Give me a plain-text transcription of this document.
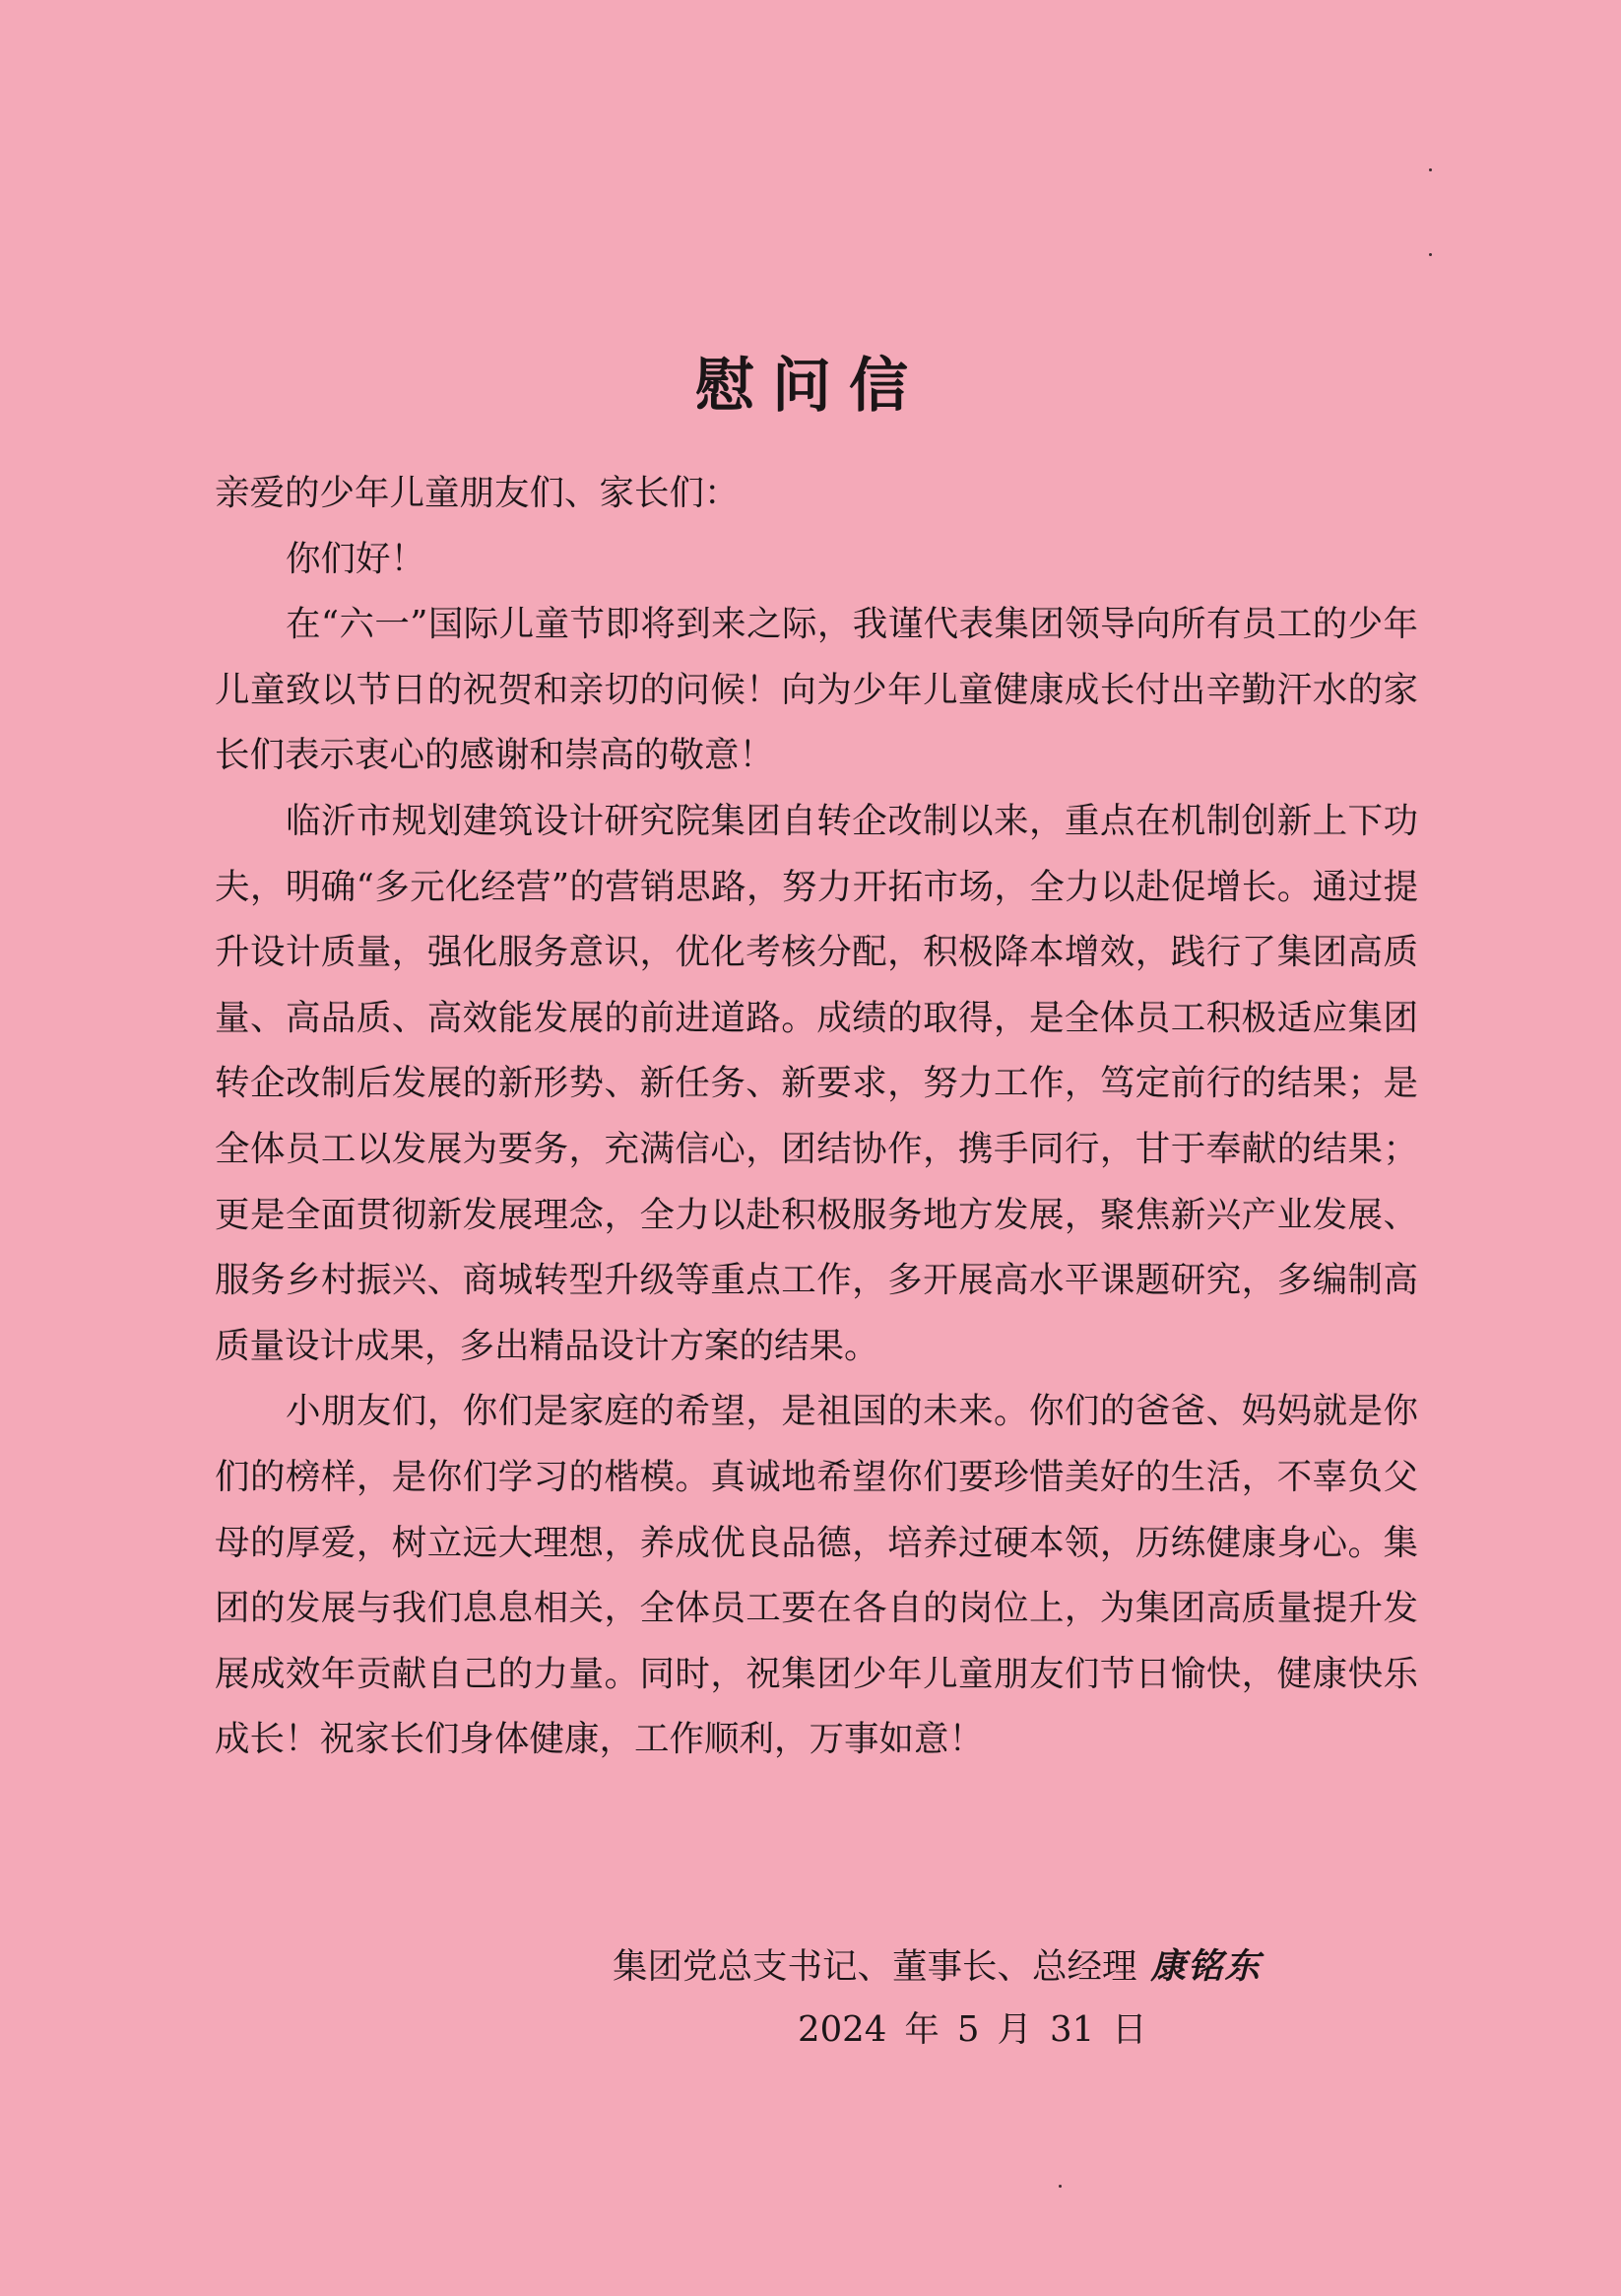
慰问信

亲爱的少年儿童朋友们、家长们：

你们好！

在“六一”国际儿童节即将到来之际，我谨代表集团领导向所有员工的少年儿童致以节日的祝贺和亲切的问候！向为少年儿童健康成长付出辛勤汗水的家长们表示衷心的感谢和崇高的敬意！

临沂市规划建筑设计研究院集团自转企改制以来，重点在机制创新上下功夫，明确“多元化经营”的营销思路，努力开拓市场，全力以赴促增长。通过提升设计质量，强化服务意识，优化考核分配，积极降本增效，践行了集团高质量、高品质、高效能发展的前进道路。成绩的取得，是全体员工积极适应集团转企改制后发展的新形势、新任务、新要求，努力工作，笃定前行的结果；是全体员工以发展为要务，充满信心，团结协作，携手同行，甘于奉献的结果；更是全面贯彻新发展理念，全力以赴积极服务地方发展，聚焦新兴产业发展、服务乡村振兴、商城转型升级等重点工作，多开展高水平课题研究，多编制高质量设计成果，多出精品设计方案的结果。

小朋友们，你们是家庭的希望，是祖国的未来。你们的爸爸、妈妈就是你们的榜样，是你们学习的楷模。真诚地希望你们要珍惜美好的生活，不辜负父母的厚爱，树立远大理想，养成优良品德，培养过硬本领，历练健康身心。集团的发展与我们息息相关，全体员工要在各自的岗位上，为集团高质量提升发展成效年贡献自己的力量。同时，祝集团少年儿童朋友们节日愉快，健康快乐成长！祝家长们身体健康，工作顺利，万事如意！

集团党总支书记、董事长、总经理 康铭东
2024 年 5 月 31 日
